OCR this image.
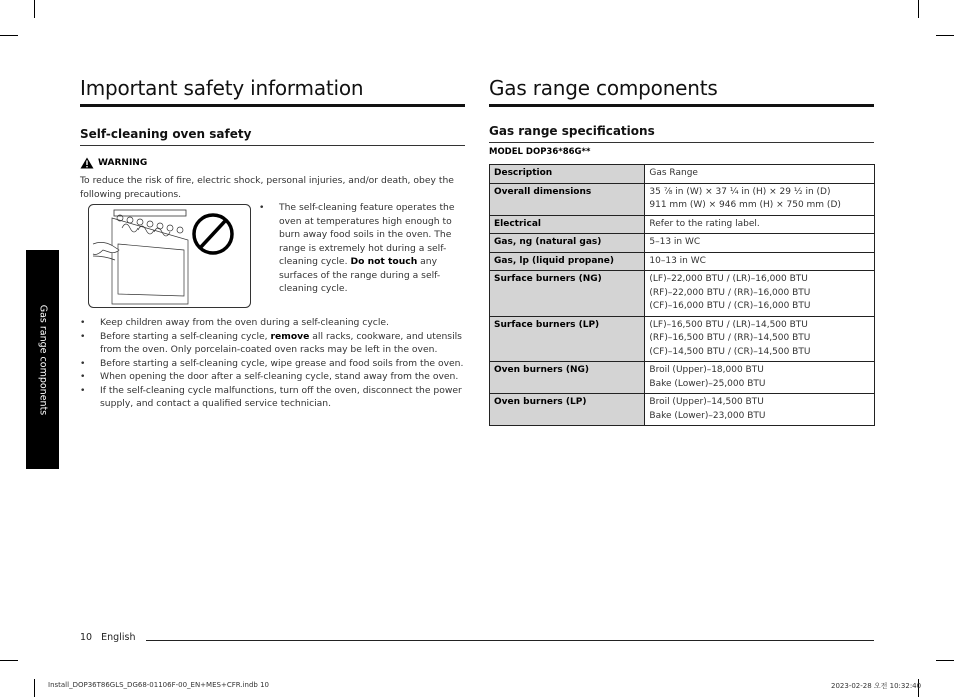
Gas range components
Important safety information
Self-cleaning oven safety
WARNING
To reduce the risk of fire, electric shock, personal injuries, and/or death, obey the following precautions.
• The self-cleaning feature operates the oven at temperatures high enough to burn away food soils in the oven. The range is extremely hot during a self-cleaning cycle. Do not touch any surfaces of the range during a self-cleaning cycle.
• Keep children away from the oven during a self-cleaning cycle.
• Before starting a self-cleaning cycle, remove all racks, cookware, and utensils from the oven. Only porcelain-coated oven racks may be left in the oven.
• Before starting a self-cleaning cycle, wipe grease and food soils from the oven.
• When opening the door after a self-cleaning cycle, stand away from the oven.
• If the self-cleaning cycle malfunctions, turn off the oven, disconnect the power supply, and contact a qualified service technician.
Gas range components
Gas range specifications
MODEL DOP36*86G**
Description	Gas Range

Overall dimensions	35 ⅞ in (W) × 37 ¼ in (H) × 29 ½ in (D)
911 mm (W) × 946 mm (H) × 750 mm (D)

Electrical	Refer to the rating label.

Gas, ng (natural gas)	5–13 in WC

Gas, lp (liquid propane)	10–13 in WC

Surface burners (NG)	(LF)–22,000 BTU / (LR)–16,000 BTU
(RF)–22,000 BTU / (RR)–16,000 BTU
(CF)–16,000 BTU / (CR)–16,000 BTU

Surface burners (LP)	(LF)–16,500 BTU / (LR)–14,500 BTU
(RF)–16,500 BTU / (RR)–14,500 BTU
(CF)–14,500 BTU / (CR)–14,500 BTU

Oven burners (NG)	Broil (Upper)–18,000 BTU
Bake (Lower)–25,000 BTU

Oven burners (LP)	Broil (Upper)–14,500 BTU
Bake (Lower)–23,000 BTU
10 English
Install_DOP36T86GLS_DG68-01106F-00_EN+MES+CFR.indb 10	2023-02-28 오전 10:32:40
